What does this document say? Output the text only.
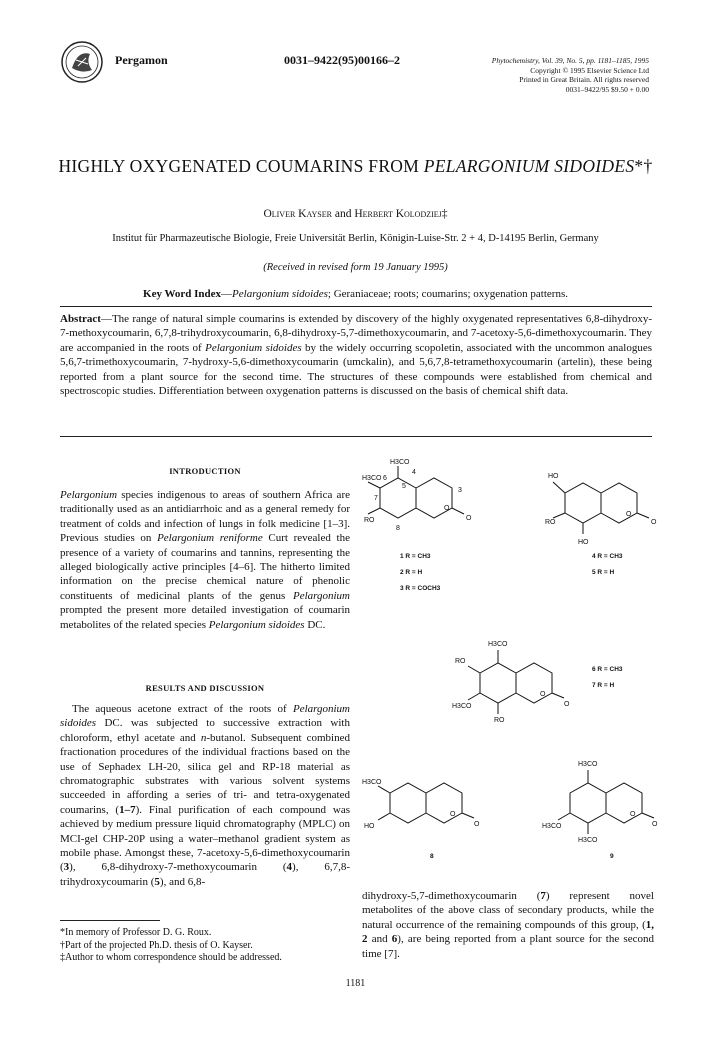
Pergamon	0031–9422(95)00166–2	Phytochemistry, Vol. 39, No. 5, pp. 1181–1185, 1995
Copyright © 1995 Elsevier Science Ltd
Printed in Great Britain. All rights reserved
0031–9422/95 $9.50 + 0.00
HIGHLY OXYGENATED COUMARINS FROM PELARGONIUM SIDOIDES*†
Oliver Kayser and Herbert Kolodziej‡
Institut für Pharmazeutische Biologie, Freie Universität Berlin, Königin-Luise-Str. 2 + 4, D-14195 Berlin, Germany
(Received in revised form 19 January 1995)
Key Word Index—Pelargonium sidoides; Geraniaceae; roots; coumarins; oxygenation patterns.
Abstract—The range of natural simple coumarins is extended by discovery of the highly oxygenated representatives 6,8-dihydroxy-7-methoxycoumarin, 6,7,8-trihydroxycoumarin, 6,8-dihydroxy-5,7-dimethoxycoumarin, and 7-acetoxy-5,6-dimethoxycoumarin. They are accompanied in the roots of Pelargonium sidoides by the widely occurring scopoletin, associated with the uncommon analogues 5,6,7-trimethoxycoumarin, 7-hydroxy-5,6-dimethoxycoumarin (umckalin), and 5,6,7,8-tetramethoxycoumarin (artelin), these being reported from a plant source for the second time. The structures of these compounds were established from chemical and spectroscopic studies. Differentiation between oxygenation patterns is discussed on the basis of chemical shift data.
INTRODUCTION

Pelargonium species indigenous to areas of southern Africa are traditionally used as an antidiarrhoic and as a general remedy for treatment of colds and infection of lungs in folk medicine [1–3]. Previous studies on Pelargonium reniforme Curt revealed the presence of a variety of coumarins and tannins, representing the alleged biologically active principles [4–6]. The hitherto limited information on the precise chemical nature of phenolic constituents of medicinal plants of the genus Pelargonium prompted the present more detailed investigation of coumarin metabolites of the related species Pelargonium sidoides DC.

RESULTS AND DISCUSSION

The aqueous acetone extract of the roots of Pelargonium sidoides DC. was subjected to successive extraction with chloroform, ethyl acetate and n-butanol. Subsequent combined fractionation procedures of the individual fractions based on the use of Sephadex LH-20, silica gel and RP-18 material as chromatographic substrates with various solvent systems succeeded in affording a series of tri- and tetra-oxygenated coumarins, (1–7). Final purification of each compound was achieved by medium pressure liquid chromatography (MPLC) on MCI-gel CHP-20P using a water–methanol gradient system as mobile phase. Amongst these, 7-acetoxy-5,6-dimethoxycoumarin (3), 6,8-dihydroxy-7-methoxycoumarin (4), 6,7,8-trihydroxycoumarin (5), and 6,8-

*In memory of Professor D. G. Roux.
†Part of the projected Ph.D. thesis of O. Kayser.
‡Author to whom correspondence should be addressed.
dihydroxy-5,7-dimethoxycoumarin (7) represent novel metabolites of the above class of secondary products, while the natural occurrence of the remaining compounds of this group, (1, 2 and 6), are being reported from a plant source for the second time [7].
1181
H3CO
H3CO
RO
O
O
4
5
6
3
7
8
HO
RO
HO
O
O
H3CO
RO
H3CO
RO
O
O
H3CO
HO
O
O
H3CO
H3CO
H3CO
O
O
1 R = CH3
2 R = H
3 R = COCH3
4 R = CH3
5 R = H
6 R = CH3
7 R = H
8	9
